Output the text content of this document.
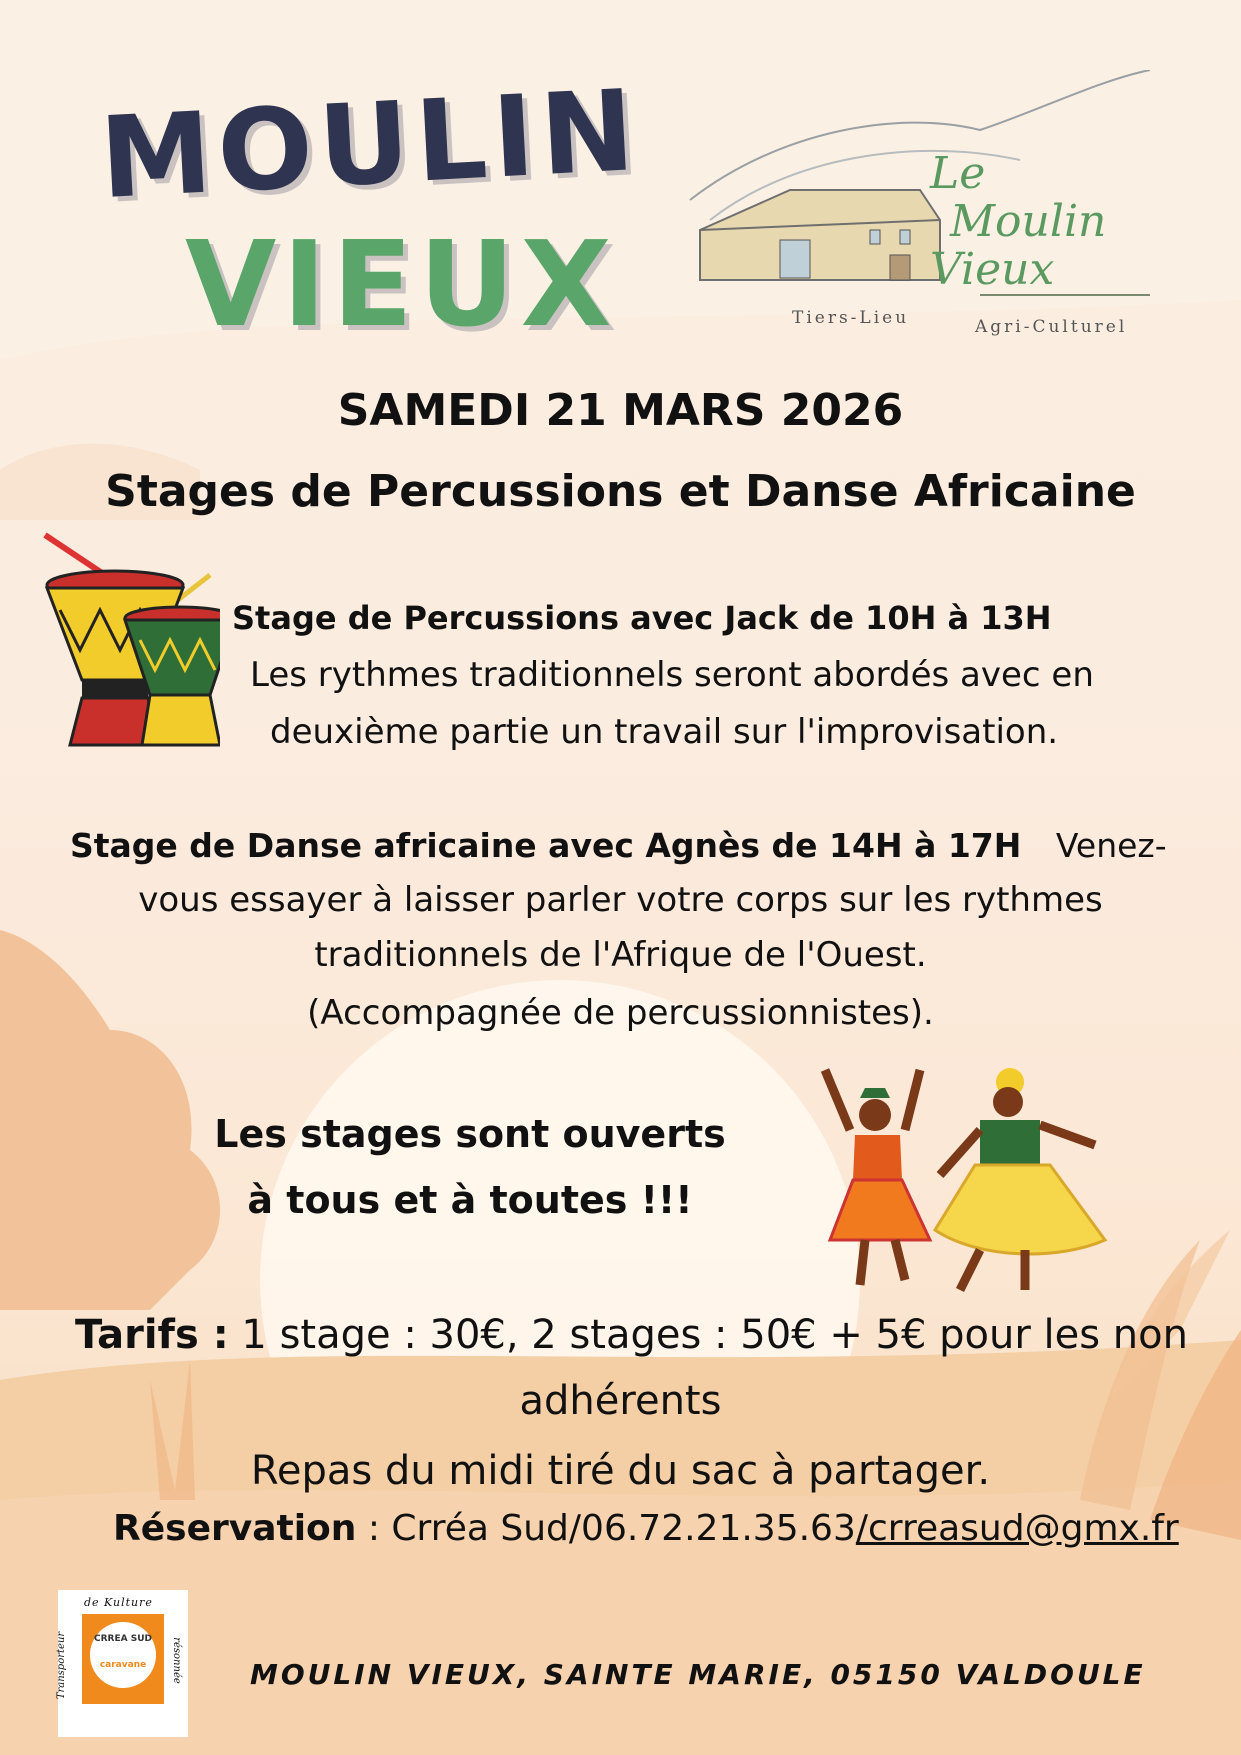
MOULIN
VIEUX
Le
Moulin
Vieux
Tiers-Lieu	Agri-Culturel
SAMEDI 21 MARS 2026
Stages de Percussions et Danse Africaine
Stage de Percussions avec Jack de 10H à 13H
Les rythmes traditionnels seront abordés avec en
deuxième partie un travail sur l'improvisation.
Stage de Danse africaine avec Agnès de 14H à 17H Venez-
vous essayer à laisser parler votre corps sur les rythmes
traditionnels de l'Afrique de l'Ouest.
(Accompagnée de percussionnistes).
Les stages sont ouverts
à tous et à toutes !!!
Tarifs : 1 stage : 30€, 2 stages : 50€ + 5€ pour les non
adhérents
Repas du midi tiré du sac à partager.
Réservation : Crréa Sud/06.72.21.35.63/crreasud@gmx.fr
de Kulture
Transporteur	résonnée
CRREA SUD
caravane	MOULIN VIEUX, SAINTE MARIE, 05150 VALDOULE
